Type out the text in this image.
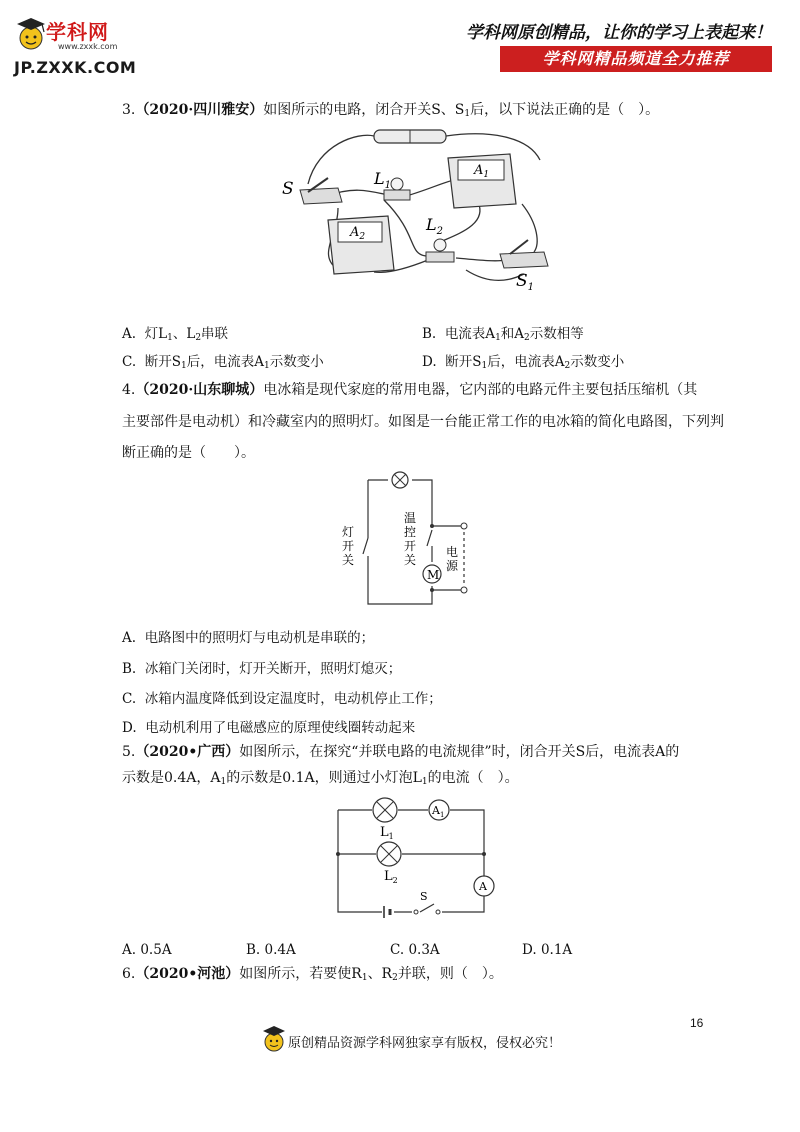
学科网
www.zxxk.com
JP.ZXXK.COM
学科网原创精品，让你的学习上表起来！
学科网精品频道全力推荐
3.（2020·四川雅安）如图所示的电路，闭合开关S、$S_1$后，以下说法正确的是（　）。
S
$L_1$
$L_2$
$A_1$
$A_2$
$S_1$
A. 灯$L_1$、$L_2$串联	B. 电流表$A_1$和$A_2$示数相等
C. 断开$S_1$后，电流表$A_1$示数变小	D. 断开$S_1$后，电流表$A_2$示数变小
4.（2020·山东聊城）电冰箱是现代家庭的常用电器，它内部的电路元件主要包括压缩机（其
主要部件是电动机）和冷藏室内的照明灯。如图是一台能正常工作的电冰箱的简化电路图，下列判
断正确的是（　　）。
M
灯开关
温控开关
电源
A. 电路图中的照明灯与电动机是串联的；
B. 冰箱门关闭时，灯开关断开，照明灯熄灭；
C. 冰箱内温度降低到设定温度时，电动机停止工作；
D. 电动机利用了电磁感应的原理使线圈转动起来
5.（2020•广西）如图所示，在探究“并联电路的电流规律”时，闭合开关S后，电流表A的
示数是0.4A，$A_1$的示数是0.1A，则通过小灯泡$L_1$的电流（　）。
$A_1$
A
$L_1$
$L_2$
S
A. 0.5A	B. 0.4A	C. 0.3A	D. 0.1A
6.（2020•河池）如图所示，若要使$R_1$、$R_2$并联，则（　）。
16
原创精品资源学科网独家享有版权，侵权必究！
